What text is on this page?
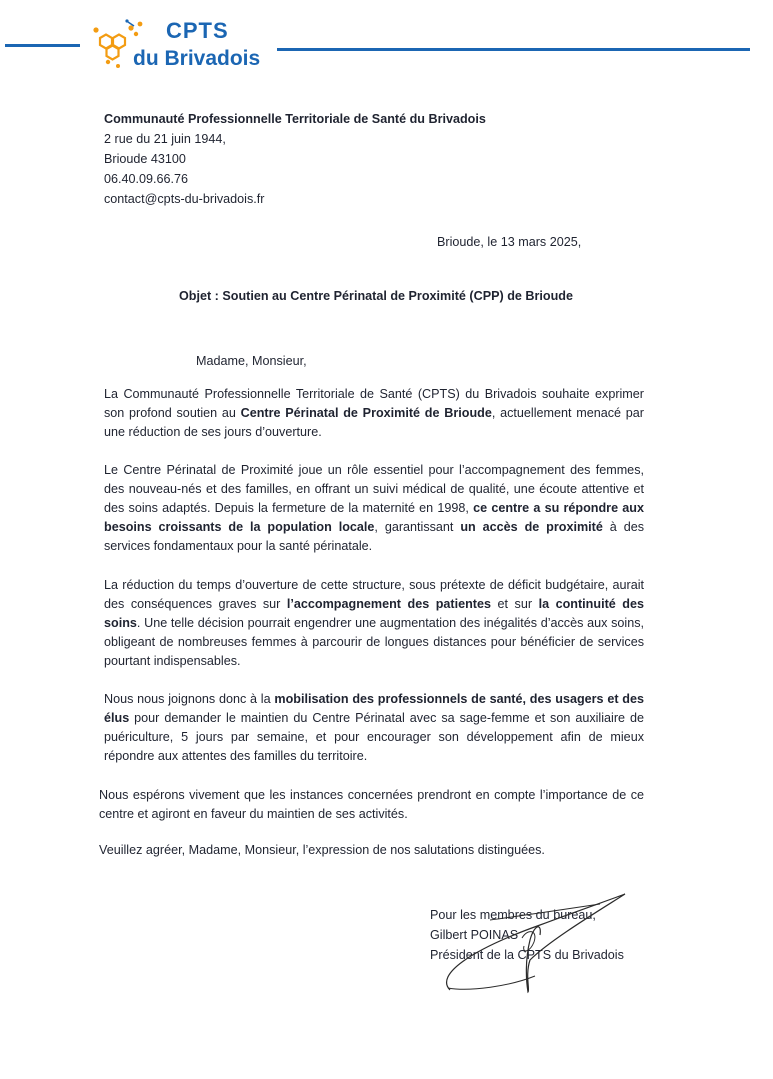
CPTS
du Brivadois
Communauté Professionnelle Territoriale de Santé du Brivadois
2 rue du 21 juin 1944,
Brioude 43100
06.40.09.66.76
contact@cpts-du-brivadois.fr
Brioude, le 13 mars 2025,
Objet : Soutien au Centre Périnatal de Proximité (CPP) de Brioude
Madame, Monsieur,
La Communauté Professionnelle Territoriale de Santé (CPTS) du Brivadois souhaite exprimer son profond soutien au Centre Périnatal de Proximité de Brioude, actuellement menacé par une réduction de ses jours d’ouverture.
Le Centre Périnatal de Proximité joue un rôle essentiel pour l’accompagnement des femmes, des nouveau-nés et des familles, en offrant un suivi médical de qualité, une écoute attentive et des soins adaptés. Depuis la fermeture de la maternité en 1998, ce centre a su répondre aux besoins croissants de la population locale, garantissant un accès de proximité à des services fondamentaux pour la santé périnatale.
La réduction du temps d’ouverture de cette structure, sous prétexte de déficit budgétaire, aurait des conséquences graves sur l’accompagnement des patientes et sur la continuité des soins. Une telle décision pourrait engendrer une augmentation des inégalités d’accès aux soins, obligeant de nombreuses femmes à parcourir de longues distances pour bénéficier de services pourtant indispensables.
Nous nous joignons donc à la mobilisation des professionnels de santé, des usagers et des élus pour demander le maintien du Centre Périnatal avec sa sage-femme et son auxiliaire de puériculture, 5 jours par semaine, et pour encourager son développement afin de mieux répondre aux attentes des familles du territoire.
Nous espérons vivement que les instances concernées prendront en compte l’importance de ce centre et agiront en faveur du maintien de ses activités.
Veuillez agréer, Madame, Monsieur, l’expression de nos salutations distinguées.
Pour les membres du bureau,
Gilbert POINAS
Président de la CPTS du Brivadois
